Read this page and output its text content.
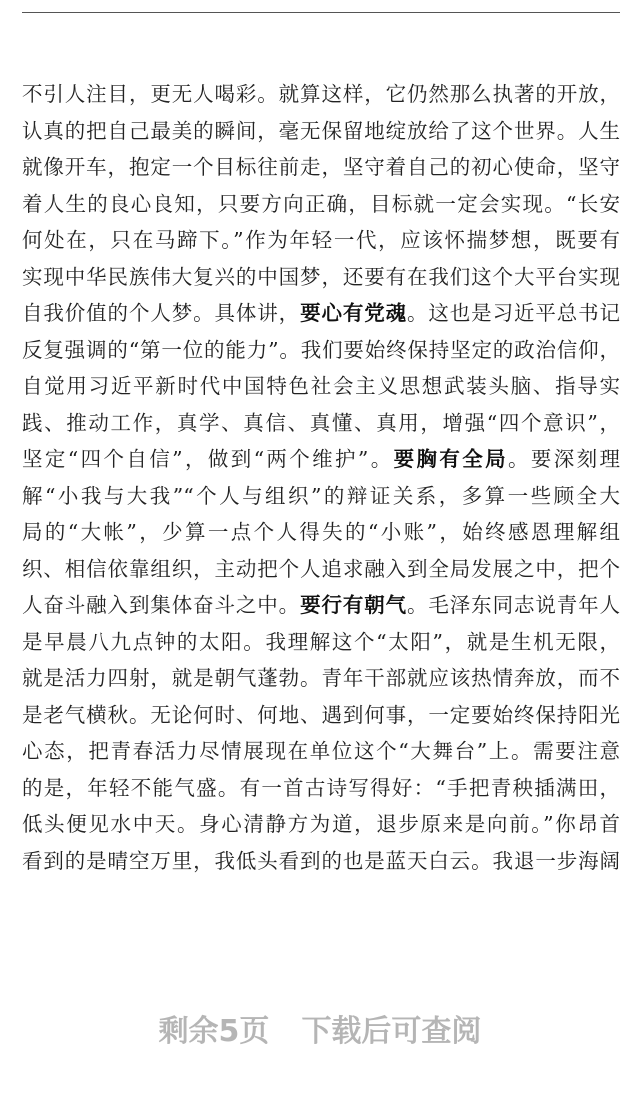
不引人注目，更无人喝彩。就算这样，它仍然那么执著的开放，
认真的把自己最美的瞬间，毫无保留地绽放给了这个世界。人生
就像开车，抱定一个目标往前走，坚守着自己的初心使命，坚守
着人生的良心良知，只要方向正确，目标就一定会实现。“长安
何处在，只在马蹄下。”作为年轻一代，应该怀揣梦想，既要有
实现中华民族伟大复兴的中国梦，还要有在我们这个大平台实现
自我价值的个人梦。具体讲，要心有党魂。这也是习近平总书记
反复强调的“第一位的能力”。我们要始终保持坚定的政治信仰，
自觉用习近平新时代中国特色社会主义思想武装头脑、指导实
践、推动工作，真学、真信、真懂、真用，增强“四个意识”，
坚定“四个自信”，做到“两个维护”。要胸有全局。要深刻理
解“小我与大我”“个人与组织”的辩证关系，多算一些顾全大
局的“大帐”，少算一点个人得失的“小账”，始终感恩理解组
织、相信依靠组织，主动把个人追求融入到全局发展之中，把个
人奋斗融入到集体奋斗之中。要行有朝气。毛泽东同志说青年人
是早晨八九点钟的太阳。我理解这个“太阳”，就是生机无限，
就是活力四射，就是朝气蓬勃。青年干部就应该热情奔放，而不
是老气横秋。无论何时、何地、遇到何事，一定要始终保持阳光
心态，把青春活力尽情展现在单位这个“大舞台”上。需要注意
的是，年轻不能气盛。有一首古诗写得好：“手把青秧插满田，
低头便见水中天。身心清静方为道，退步原来是向前。”你昂首
看到的是晴空万里，我低头看到的也是蓝天白云。我退一步海阔
剩余5页 下载后可查阅
